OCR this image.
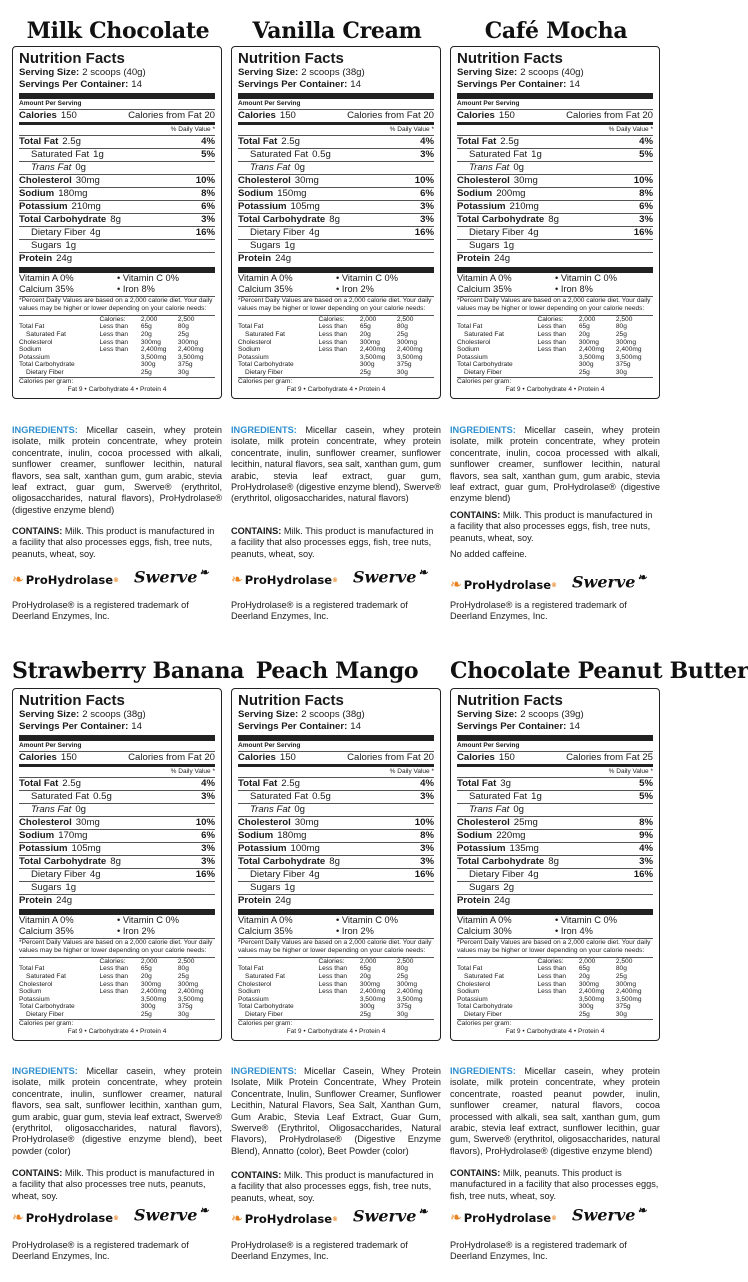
Milk Chocolate
Nutrition Facts
Serving Size: 2 scoops (40g)
Servings Per Container: 14
Amount Per Serving
Calories 150	Calories from Fat 20
% Daily Value *
Total Fat 2.5g	4%
Saturated Fat 1g	5%
Trans Fat 0g
Cholesterol 30mg	10%
Sodium 180mg	8%
Potassium 210mg	6%
Total Carbohydrate 8g	3%
Dietary Fiber 4g	16%
Sugars 1g
Protein 24g
Vitamin A 0%	• Vitamin C 0%
Calcium 35%	• Iron 8%
*Percent Daily Values are based on a 2,000 calorie diet. Your daily values may be higher or lower depending on your calorie needs:
	Calories:	2,000	2,500
Total Fat	Less than	65g	80g
Saturated Fat	Less than	20g	25g
Cholesterol	Less than	300mg	300mg
Sodium	Less than	2,400mg	2,400mg
Potassium		3,500mg	3,500mg
Total Carbohydrate		300g	375g
Dietary Fiber		25g	30g
Calories per gram:
Fat 9 • Carbohydrate 4 • Protein 4
INGREDIENTS: Micellar casein, whey protein isolate, milk protein concentrate, whey protein concentrate, inulin, cocoa processed with alkali, sunflower creamer, sunflower lecithin, natural flavors, sea salt, xanthan gum, gum arabic, stevia leaf extract, guar gum, Swerve® (erythritol, oligosaccharides, natural flavors), ProHydrolase® (digestive enzyme blend)
CONTAINS: Milk. This product is manufactured in a facility that also processes eggs, fish, tree nuts, peanuts, wheat, soy.
❧ ProHydrolase ® Swerve ❧
ProHydrolase® is a registered trademark of Deerland Enzymes, Inc.
Vanilla Cream
Nutrition Facts
Serving Size: 2 scoops (38g)
Servings Per Container: 14
Amount Per Serving
Calories 150	Calories from Fat 20
% Daily Value *
Total Fat 2.5g	4%
Saturated Fat 0.5g	3%
Trans Fat 0g
Cholesterol 30mg	10%
Sodium 150mg	6%
Potassium 105mg	3%
Total Carbohydrate 8g	3%
Dietary Fiber 4g	16%
Sugars 1g
Protein 24g
Vitamin A 0%	• Vitamin C 0%
Calcium 35%	• Iron 2%
*Percent Daily Values are based on a 2,000 calorie diet. Your daily values may be higher or lower depending on your calorie needs:
	Calories:	2,000	2,500
Total Fat	Less than	65g	80g
Saturated Fat	Less than	20g	25g
Cholesterol	Less than	300mg	300mg
Sodium	Less than	2,400mg	2,400mg
Potassium		3,500mg	3,500mg
Total Carbohydrate		300g	375g
Dietary Fiber		25g	30g
Calories per gram:
Fat 9 • Carbohydrate 4 • Protein 4
INGREDIENTS: Micellar casein, whey protein isolate, milk protein concentrate, whey protein concentrate, inulin, sunflower creamer, sunflower lecithin, natural flavors, sea salt, xanthan gum, gum arabic, stevia leaf extract, guar gum, ProHydrolase® (digestive enzyme blend), Swerve® (erythritol, oligosaccharides, natural flavors)
CONTAINS: Milk. This product is manufactured in a facility that also processes eggs, fish, tree nuts, peanuts, wheat, soy.
❧ ProHydrolase ® Swerve ❧
ProHydrolase® is a registered trademark of Deerland Enzymes, Inc.
Café Mocha
Nutrition Facts
Serving Size: 2 scoops (40g)
Servings Per Container: 14
Amount Per Serving
Calories 150	Calories from Fat 20
% Daily Value *
Total Fat 2.5g	4%
Saturated Fat 1g	5%
Trans Fat 0g
Cholesterol 30mg	10%
Sodium 200mg	8%
Potassium 210mg	6%
Total Carbohydrate 8g	3%
Dietary Fiber 4g	16%
Sugars 1g
Protein 24g
Vitamin A 0%	• Vitamin C 0%
Calcium 35%	• Iron 8%
*Percent Daily Values are based on a 2,000 calorie diet. Your daily values may be higher or lower depending on your calorie needs:
	Calories:	2,000	2,500
Total Fat	Less than	65g	80g
Saturated Fat	Less than	20g	25g
Cholesterol	Less than	300mg	300mg
Sodium	Less than	2,400mg	2,400mg
Potassium		3,500mg	3,500mg
Total Carbohydrate		300g	375g
Dietary Fiber		25g	30g
Calories per gram:
Fat 9 • Carbohydrate 4 • Protein 4
INGREDIENTS: Micellar casein, whey protein isolate, milk protein concentrate, whey protein concentrate, inulin, cocoa processed with alkali, sunflower creamer, sunflower lecithin, natural flavors, sea salt, xanthan gum, gum arabic, stevia leaf extract, guar gum, ProHydrolase® (digestive enzyme blend)
CONTAINS: Milk. This product is manufactured in a facility that also processes eggs, fish, tree nuts, peanuts, wheat, soy.
No added caffeine.
❧ ProHydrolase ® Swerve ❧
ProHydrolase® is a registered trademark of Deerland Enzymes, Inc.
Strawberry Banana
Nutrition Facts
Serving Size: 2 scoops (38g)
Servings Per Container: 14
Amount Per Serving
Calories 150	Calories from Fat 20
% Daily Value *
Total Fat 2.5g	4%
Saturated Fat 0.5g	3%
Trans Fat 0g
Cholesterol 30mg	10%
Sodium 170mg	6%
Potassium 105mg	3%
Total Carbohydrate 8g	3%
Dietary Fiber 4g	16%
Sugars 1g
Protein 24g
Vitamin A 0%	• Vitamin C 0%
Calcium 35%	• Iron 2%
*Percent Daily Values are based on a 2,000 calorie diet. Your daily values may be higher or lower depending on your calorie needs:
	Calories:	2,000	2,500
Total Fat	Less than	65g	80g
Saturated Fat	Less than	20g	25g
Cholesterol	Less than	300mg	300mg
Sodium	Less than	2,400mg	2,400mg
Potassium		3,500mg	3,500mg
Total Carbohydrate		300g	375g
Dietary Fiber		25g	30g
Calories per gram:
Fat 9 • Carbohydrate 4 • Protein 4
INGREDIENTS: Micellar casein, whey protein isolate, milk protein concentrate, whey protein concentrate, inulin, sunflower creamer, natural flavors, sea salt, sunflower lecithin, xanthan gum, gum arabic, guar gum, stevia leaf extract, Swerve® (erythritol, oligosaccharides, natural flavors), ProHydrolase® (digestive enzyme blend), beet powder (color)
CONTAINS: Milk. This product is manufactured in a facility that also processes tree nuts, peanuts, wheat, soy.
❧ ProHydrolase ® Swerve ❧
ProHydrolase® is a registered trademark of Deerland Enzymes, Inc.
Peach Mango
Nutrition Facts
Serving Size: 2 scoops (38g)
Servings Per Container: 14
Amount Per Serving
Calories 150	Calories from Fat 20
% Daily Value *
Total Fat 2.5g	4%
Saturated Fat 0.5g	3%
Trans Fat 0g
Cholesterol 30mg	10%
Sodium 180mg	8%
Potassium 100mg	3%
Total Carbohydrate 8g	3%
Dietary Fiber 4g	16%
Sugars 1g
Protein 24g
Vitamin A 0%	• Vitamin C 0%
Calcium 35%	• Iron 2%
*Percent Daily Values are based on a 2,000 calorie diet. Your daily values may be higher or lower depending on your calorie needs:
	Calories:	2,000	2,500
Total Fat	Less than	65g	80g
Saturated Fat	Less than	20g	25g
Cholesterol	Less than	300mg	300mg
Sodium	Less than	2,400mg	2,400mg
Potassium		3,500mg	3,500mg
Total Carbohydrate		300g	375g
Dietary Fiber		25g	30g
Calories per gram:
Fat 9 • Carbohydrate 4 • Protein 4
INGREDIENTS: Micellar Casein, Whey Protein Isolate, Milk Protein Concentrate, Whey Protein Concentrate, Inulin, Sunflower Creamer, Sunflower Lecithin, Natural Flavors, Sea Salt, Xanthan Gum, Gum Arabic, Stevia Leaf Extract, Guar Gum, Swerve® (Erythritol, Oligosaccharides, Natural Flavors), ProHydrolase® (Digestive Enzyme Blend), Annatto (color), Beet Powder (color)
CONTAINS: Milk. This product is manufactured in a facility that also processes eggs, fish, tree nuts, peanuts, wheat, soy.
❧ ProHydrolase ® Swerve ❧
ProHydrolase® is a registered trademark of Deerland Enzymes, Inc.
Chocolate Peanut Butter
Nutrition Facts
Serving Size: 2 scoops (39g)
Servings Per Container: 14
Amount Per Serving
Calories 150	Calories from Fat 25
% Daily Value *
Total Fat 3g	5%
Saturated Fat 1g	5%
Trans Fat 0g
Cholesterol 25mg	8%
Sodium 220mg	9%
Potassium 135mg	4%
Total Carbohydrate 8g	3%
Dietary Fiber 4g	16%
Sugars 2g
Protein 24g
Vitamin A 0%	• Vitamin C 0%
Calcium 30%	• Iron 4%
*Percent Daily Values are based on a 2,000 calorie diet. Your daily values may be higher or lower depending on your calorie needs:
	Calories:	2,000	2,500
Total Fat	Less than	65g	80g
Saturated Fat	Less than	20g	25g
Cholesterol	Less than	300mg	300mg
Sodium	Less than	2,400mg	2,400mg
Potassium		3,500mg	3,500mg
Total Carbohydrate		300g	375g
Dietary Fiber		25g	30g
Calories per gram:
Fat 9 • Carbohydrate 4 • Protein 4
INGREDIENTS: Micellar casein, whey protein isolate, milk protein concentrate, whey protein concentrate, roasted peanut powder, inulin, sunflower creamer, natural flavors, cocoa processed with alkali, sea salt, xanthan gum, gum arabic, stevia leaf extract, sunflower lecithin, guar gum, Swerve® (erythritol, oligosaccharides, natural flavors), ProHydrolase® (digestive enzyme blend)
CONTAINS: Milk, peanuts. This product is manufactured in a facility that also processes eggs, fish, tree nuts, wheat, soy.
❧ ProHydrolase ® Swerve ❧
ProHydrolase® is a registered trademark of Deerland Enzymes, Inc.
